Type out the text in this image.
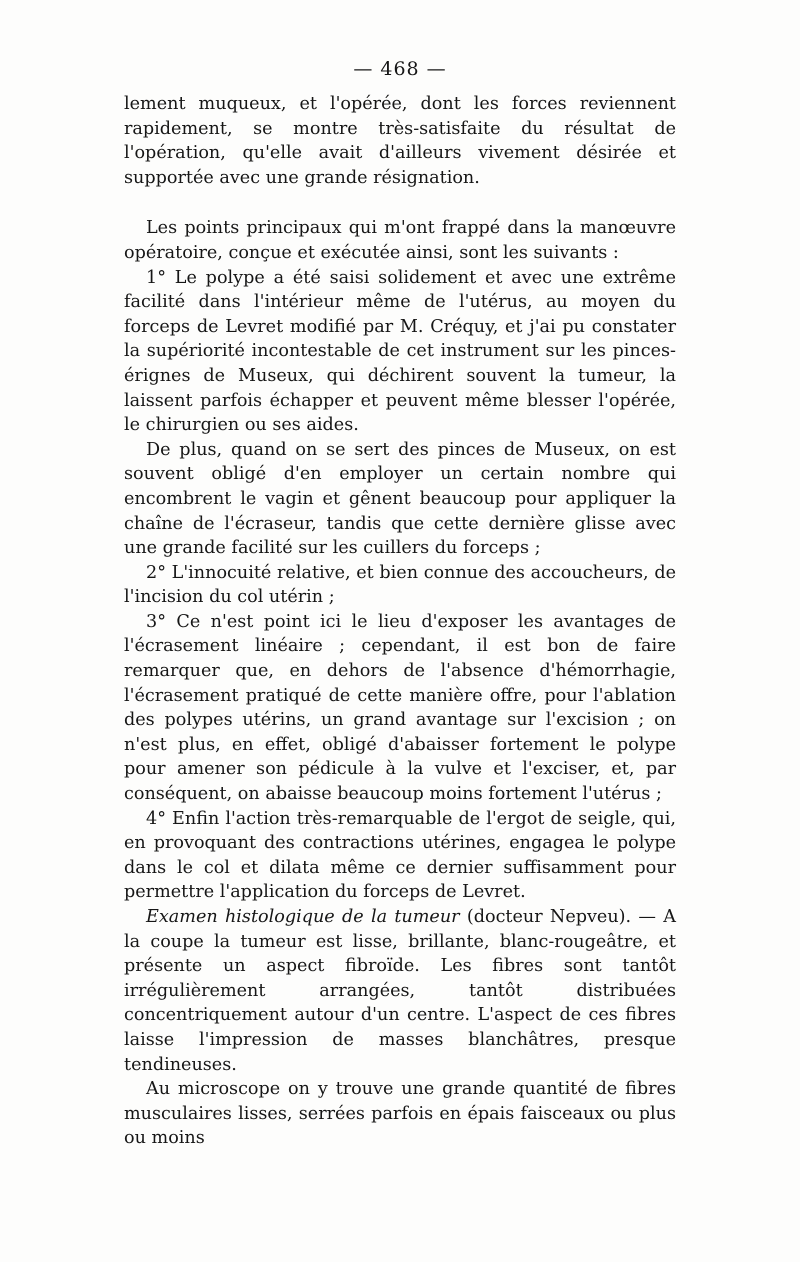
— 468 —

lement muqueux, et l'opérée, dont les forces reviennent rapidement, se montre très-satisfaite du résultat de l'opération, qu'elle avait d'ailleurs vivement désirée et supportée avec une grande résignation.

Les points principaux qui m'ont frappé dans la manœuvre opératoire, conçue et exécutée ainsi, sont les suivants :

1° Le polype a été saisi solidement et avec une extrême facilité dans l'intérieur même de l'utérus, au moyen du forceps de Levret modifié par M. Créquy, et j'ai pu constater la supériorité incontestable de cet instrument sur les pinces-érignes de Museux, qui déchirent souvent la tumeur, la laissent parfois échapper et peuvent même blesser l'opérée, le chirurgien ou ses aides.

De plus, quand on se sert des pinces de Museux, on est souvent obligé d'en employer un certain nombre qui encombrent le vagin et gênent beaucoup pour appliquer la chaîne de l'écraseur, tandis que cette dernière glisse avec une grande facilité sur les cuillers du forceps ;

2° L'innocuité relative, et bien connue des accoucheurs, de l'incision du col utérin ;

3° Ce n'est point ici le lieu d'exposer les avantages de l'écrasement linéaire ; cependant, il est bon de faire remarquer que, en dehors de l'absence d'hémorrhagie, l'écrasement pratiqué de cette manière offre, pour l'ablation des polypes utérins, un grand avantage sur l'excision ; on n'est plus, en effet, obligé d'abaisser fortement le polype pour amener son pédicule à la vulve et l'exciser, et, par conséquent, on abaisse beaucoup moins fortement l'utérus ;

4° Enfin l'action très-remarquable de l'ergot de seigle, qui, en provoquant des contractions utérines, engagea le polype dans le col et dilata même ce dernier suffisamment pour permettre l'application du forceps de Levret.

Examen histologique de la tumeur (docteur Nepveu). — A la coupe la tumeur est lisse, brillante, blanc-rougeâtre, et présente un aspect fibroïde. Les fibres sont tantôt irrégulièrement arrangées, tantôt distribuées concentriquement autour d'un centre. L'aspect de ces fibres laisse l'impression de masses blanchâtres, presque tendineuses.

Au microscope on y trouve une grande quantité de fibres musculaires lisses, serrées parfois en épais faisceaux ou plus ou moins
